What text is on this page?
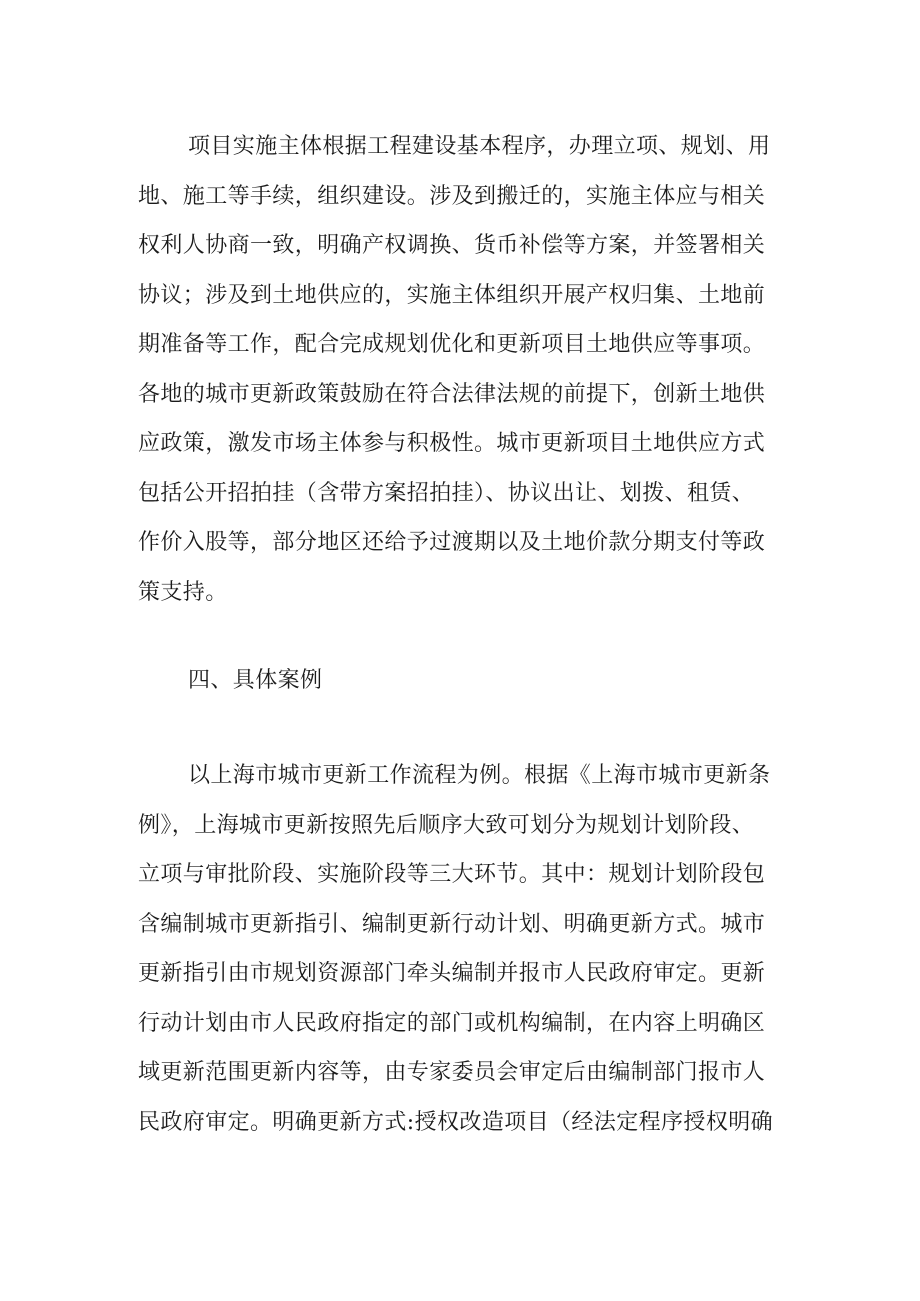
项目实施主体根据工程建设基本程序，办理立项、规划、用
地、施工等手续，组织建设。涉及到搬迁的，实施主体应与相关
权利人协商一致，明确产权调换、货币补偿等方案，并签署相关
协议；涉及到土地供应的，实施主体组织开展产权归集、土地前
期准备等工作，配合完成规划优化和更新项目土地供应等事项。
各地的城市更新政策鼓励在符合法律法规的前提下，创新土地供
应政策，激发市场主体参与积极性。城市更新项目土地供应方式
包括公开招拍挂（含带方案招拍挂）、协议出让、划拨、租赁、
作价入股等，部分地区还给予过渡期以及土地价款分期支付等政
策支持。
四、具体案例
以上海市城市更新工作流程为例。根据《上海市城市更新条
例》，上海城市更新按照先后顺序大致可划分为规划计划阶段、
立项与审批阶段、实施阶段等三大环节。其中：规划计划阶段包
含编制城市更新指引、编制更新行动计划、明确更新方式。城市
更新指引由市规划资源部门牵头编制并报市人民政府审定。更新
行动计划由市人民政府指定的部门或机构编制，在内容上明确区
域更新范围更新内容等，由专家委员会审定后由编制部门报市人
民政府审定。明确更新方式:授权改造项目（经法定程序授权明确
